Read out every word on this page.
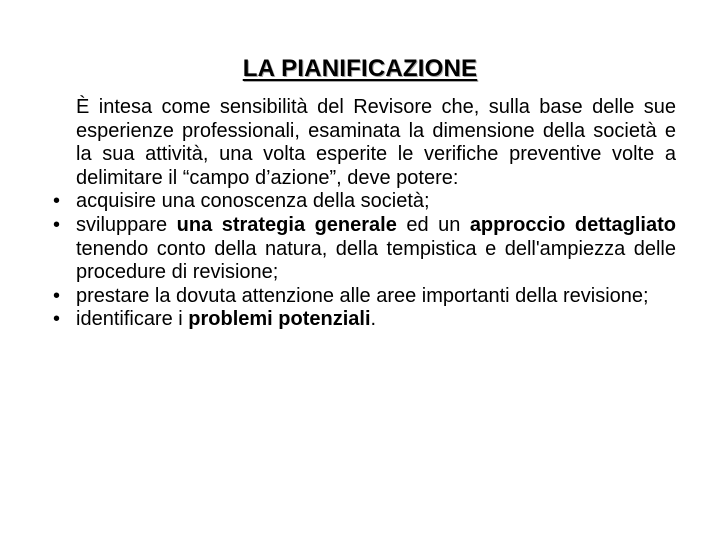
LA PIANIFICAZIONE

È intesa come sensibilità del Revisore che, sulla base delle sue esperienze professionali, esaminata la dimensione della società e la sua attività, una volta esperite le verifiche preventive volte a delimitare il “campo d’azione”, deve potere:

• acquisire una conoscenza della società;
• sviluppare una strategia generale ed un approccio dettagliato tenendo conto della natura, della tempistica e dell'ampiezza delle procedure di revisione;
• prestare la dovuta attenzione alle aree importanti della revisione;
• identificare i problemi potenziali.
